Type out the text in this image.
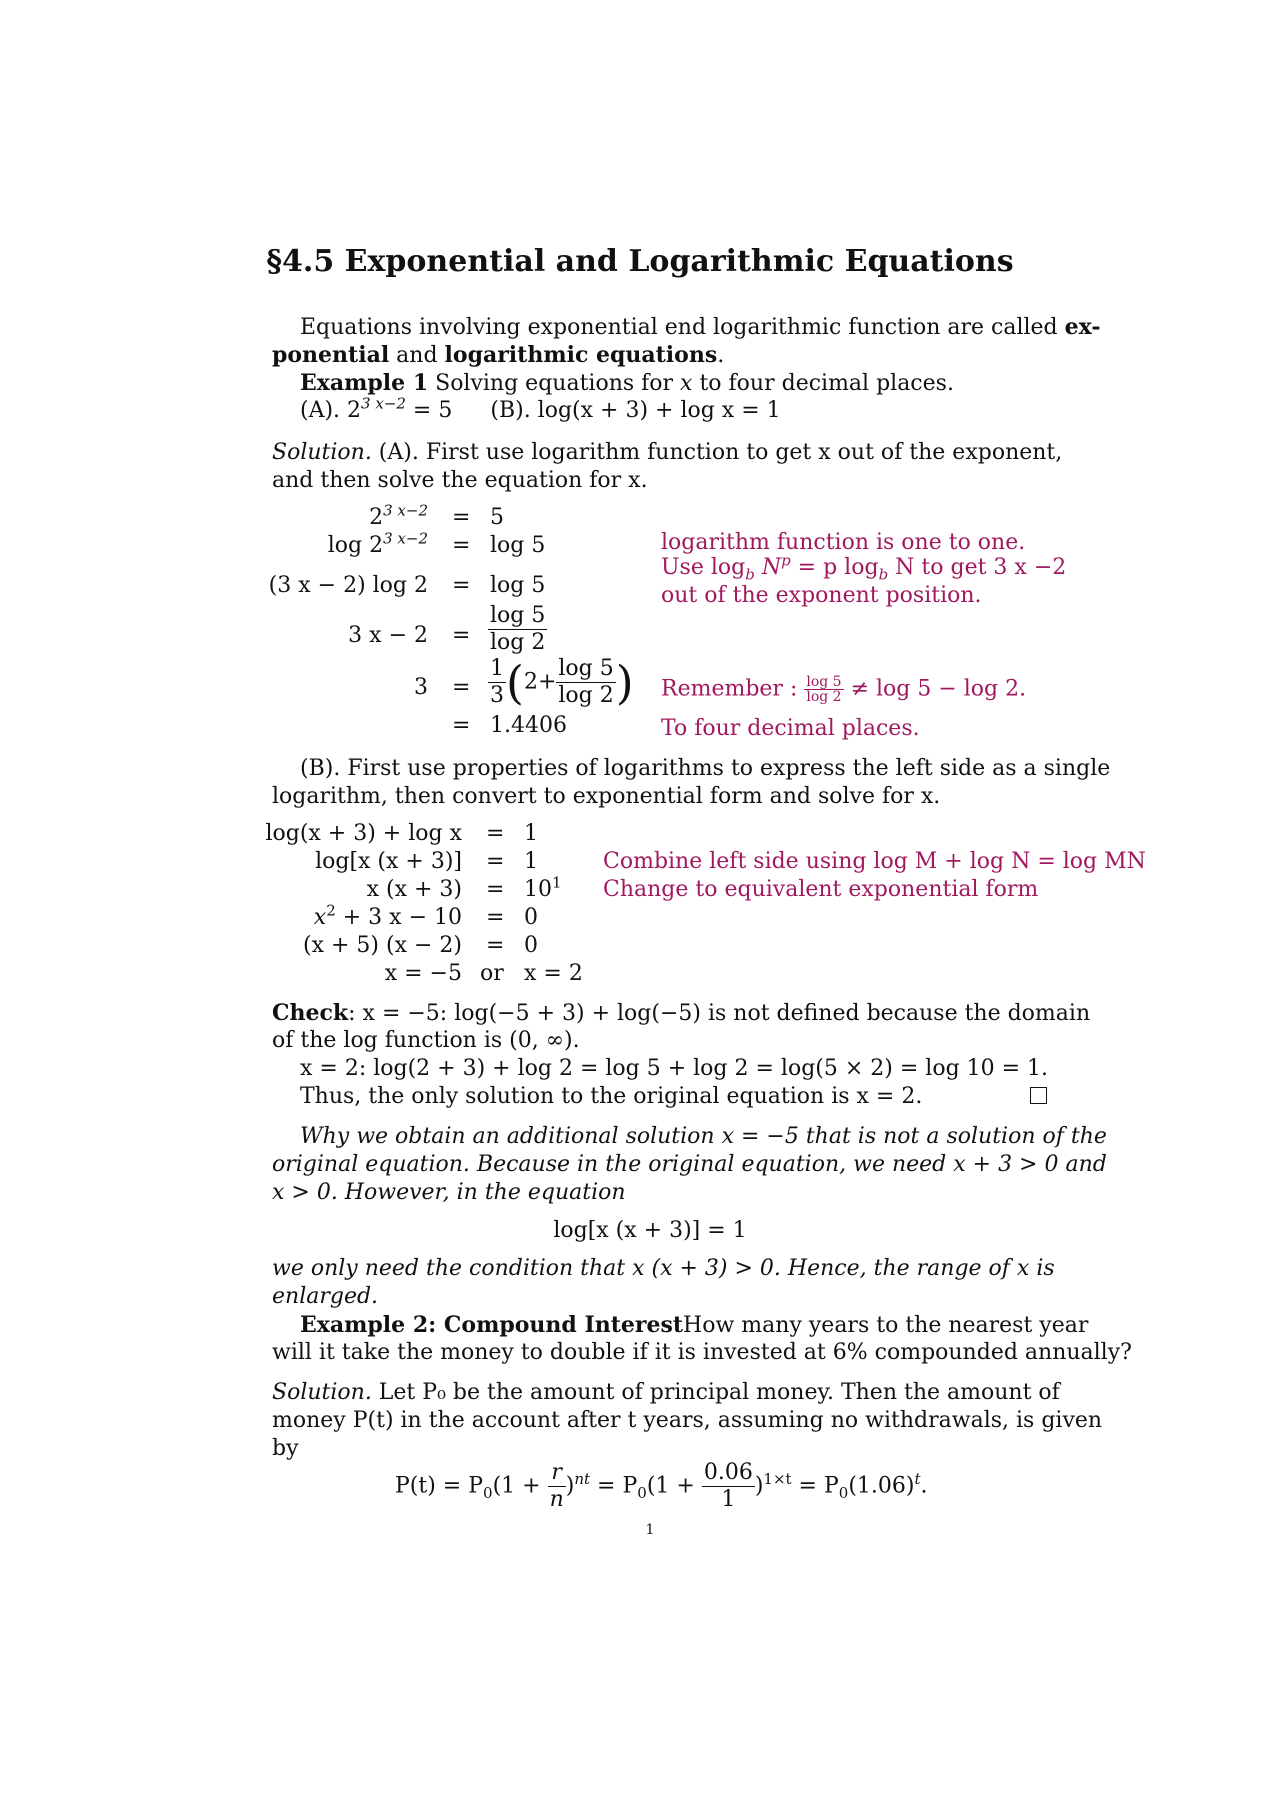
§4.5 Exponential and Logarithmic Equations
Equations involving exponential end logarithmic function are called ex-
ponential and logarithmic equations.
Example 1 Solving equations for x to four decimal places.
(A). $2^{3 x-2} = 5$ (B). log(x + 3) + log x = 1
Solution. (A). First use logarithm function to get x out of the exponent,
and then solve the equation for x.
$2^{3 x-2} = 5$
$\log 2^{3 x-2} = \log 5$
(3 x − 2) log 2 = log 5
3 $x - 2 = \frac{\log 5}{\log 2}$
$3 = \frac{1}{3} (2+ \frac{\log 5}{\log 2}$ )
= 1.4406
logarithm function is one to one.
Use $\log_b N^p = p$ $\log_b N$ to get 3 x −2
out of the exponent position.
Remember : $\frac{\log 5}{\log 2} \ne \log 5 - \log 2$.
To four decimal places.
(B). First use properties of logarithms to express the left side as a single
logarithm, then convert to exponential form and solve for x.
log(x + 3) + log x = 1
log[x (x + 3)] = 1
x $(x + 3) = 10^1$
$x^2 + 3$ x − 10 = 0
(x + 5) (x − 2) = 0
x = −5 or x = 2
Combine left side using log M + log N = log MN
Change to equivalent exponential form
Check: x = −5: log(−5 + 3) + log(−5) is not defined because the domain
of the log function is (0, ∞).
x = 2: log(2 + 3) + log 2 = log 5 + log 2 = log(5 × 2) = log 10 = 1.
Thus, the only solution to the original equation is x = 2.
Why we obtain an additional solution x = −5 that is not a solution of the
original equation. Because in the original equation, we need x + 3 > 0 and
x > 0. However, in the equation
log[x (x + 3)] = 1
we only need the condition that x (x + 3) > 0. Hence, the range of x is
enlarged.
Example 2: Compound InterestHow many years to the nearest year
will it take the money to double if it is invested at 6% compounded annually?
Solution. Let P₀ be the amount of principal money. Then the amount of
money P(t) in the account after t years, assuming no withdrawals, is given
by
$P(t) = P_0(1 + \frac{r}{n} )^{nt} = P_0(1 + \frac{0.06}{1} )^{1\times t} = P_0(1.06)^t$.
1
